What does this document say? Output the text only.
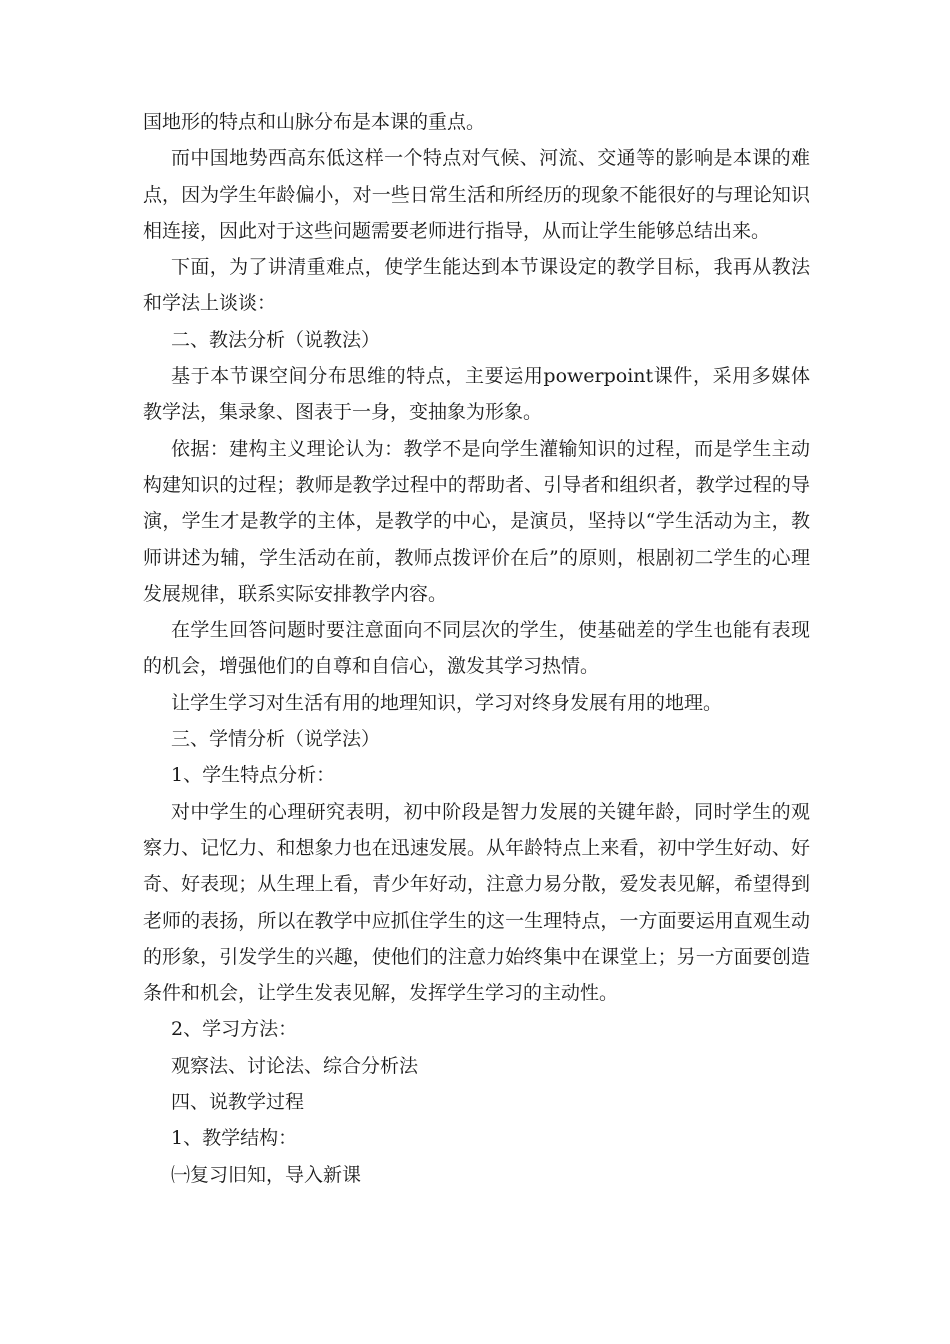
国地形的特点和山脉分布是本课的重点。

而中国地势西高东低这样一个特点对气候、河流、交通等的影响是本课的难点，因为学生年龄偏小，对一些日常生活和所经历的现象不能很好的与理论知识相连接，因此对于这些问题需要老师进行指导，从而让学生能够总结出来。

下面，为了讲清重难点，使学生能达到本节课设定的教学目标，我再从教法和学法上谈谈：

二、教法分析（说教法）

基于本节课空间分布思维的特点，主要运用powerpoint课件，采用多媒体教学法，集录象、图表于一身，变抽象为形象。

依据：建构主义理论认为：教学不是向学生灌输知识的过程，而是学生主动构建知识的过程；教师是教学过程中的帮助者、引导者和组织者，教学过程的导演，学生才是教学的主体，是教学的中心，是演员，坚持以“学生活动为主，教师讲述为辅，学生活动在前，教师点拨评价在后”的原则，根剧初二学生的心理发展规律，联系实际安排教学内容。

在学生回答问题时要注意面向不同层次的学生，使基础差的学生也能有表现的机会，增强他们的自尊和自信心，激发其学习热情。

让学生学习对生活有用的地理知识，学习对终身发展有用的地理。

三、学情分析（说学法）

1、学生特点分析：

对中学生的心理研究表明，初中阶段是智力发展的关键年龄，同时学生的观察力、记忆力、和想象力也在迅速发展。从年龄特点上来看，初中学生好动、好奇、好表现；从生理上看，青少年好动，注意力易分散，爱发表见解，希望得到老师的表扬，所以在教学中应抓住学生的这一生理特点，一方面要运用直观生动的形象，引发学生的兴趣，使他们的注意力始终集中在课堂上；另一方面要创造条件和机会，让学生发表见解，发挥学生学习的主动性。

2、学习方法：

观察法、讨论法、综合分析法

四、说教学过程

1、教学结构：

㈠复习旧知，导入新课
